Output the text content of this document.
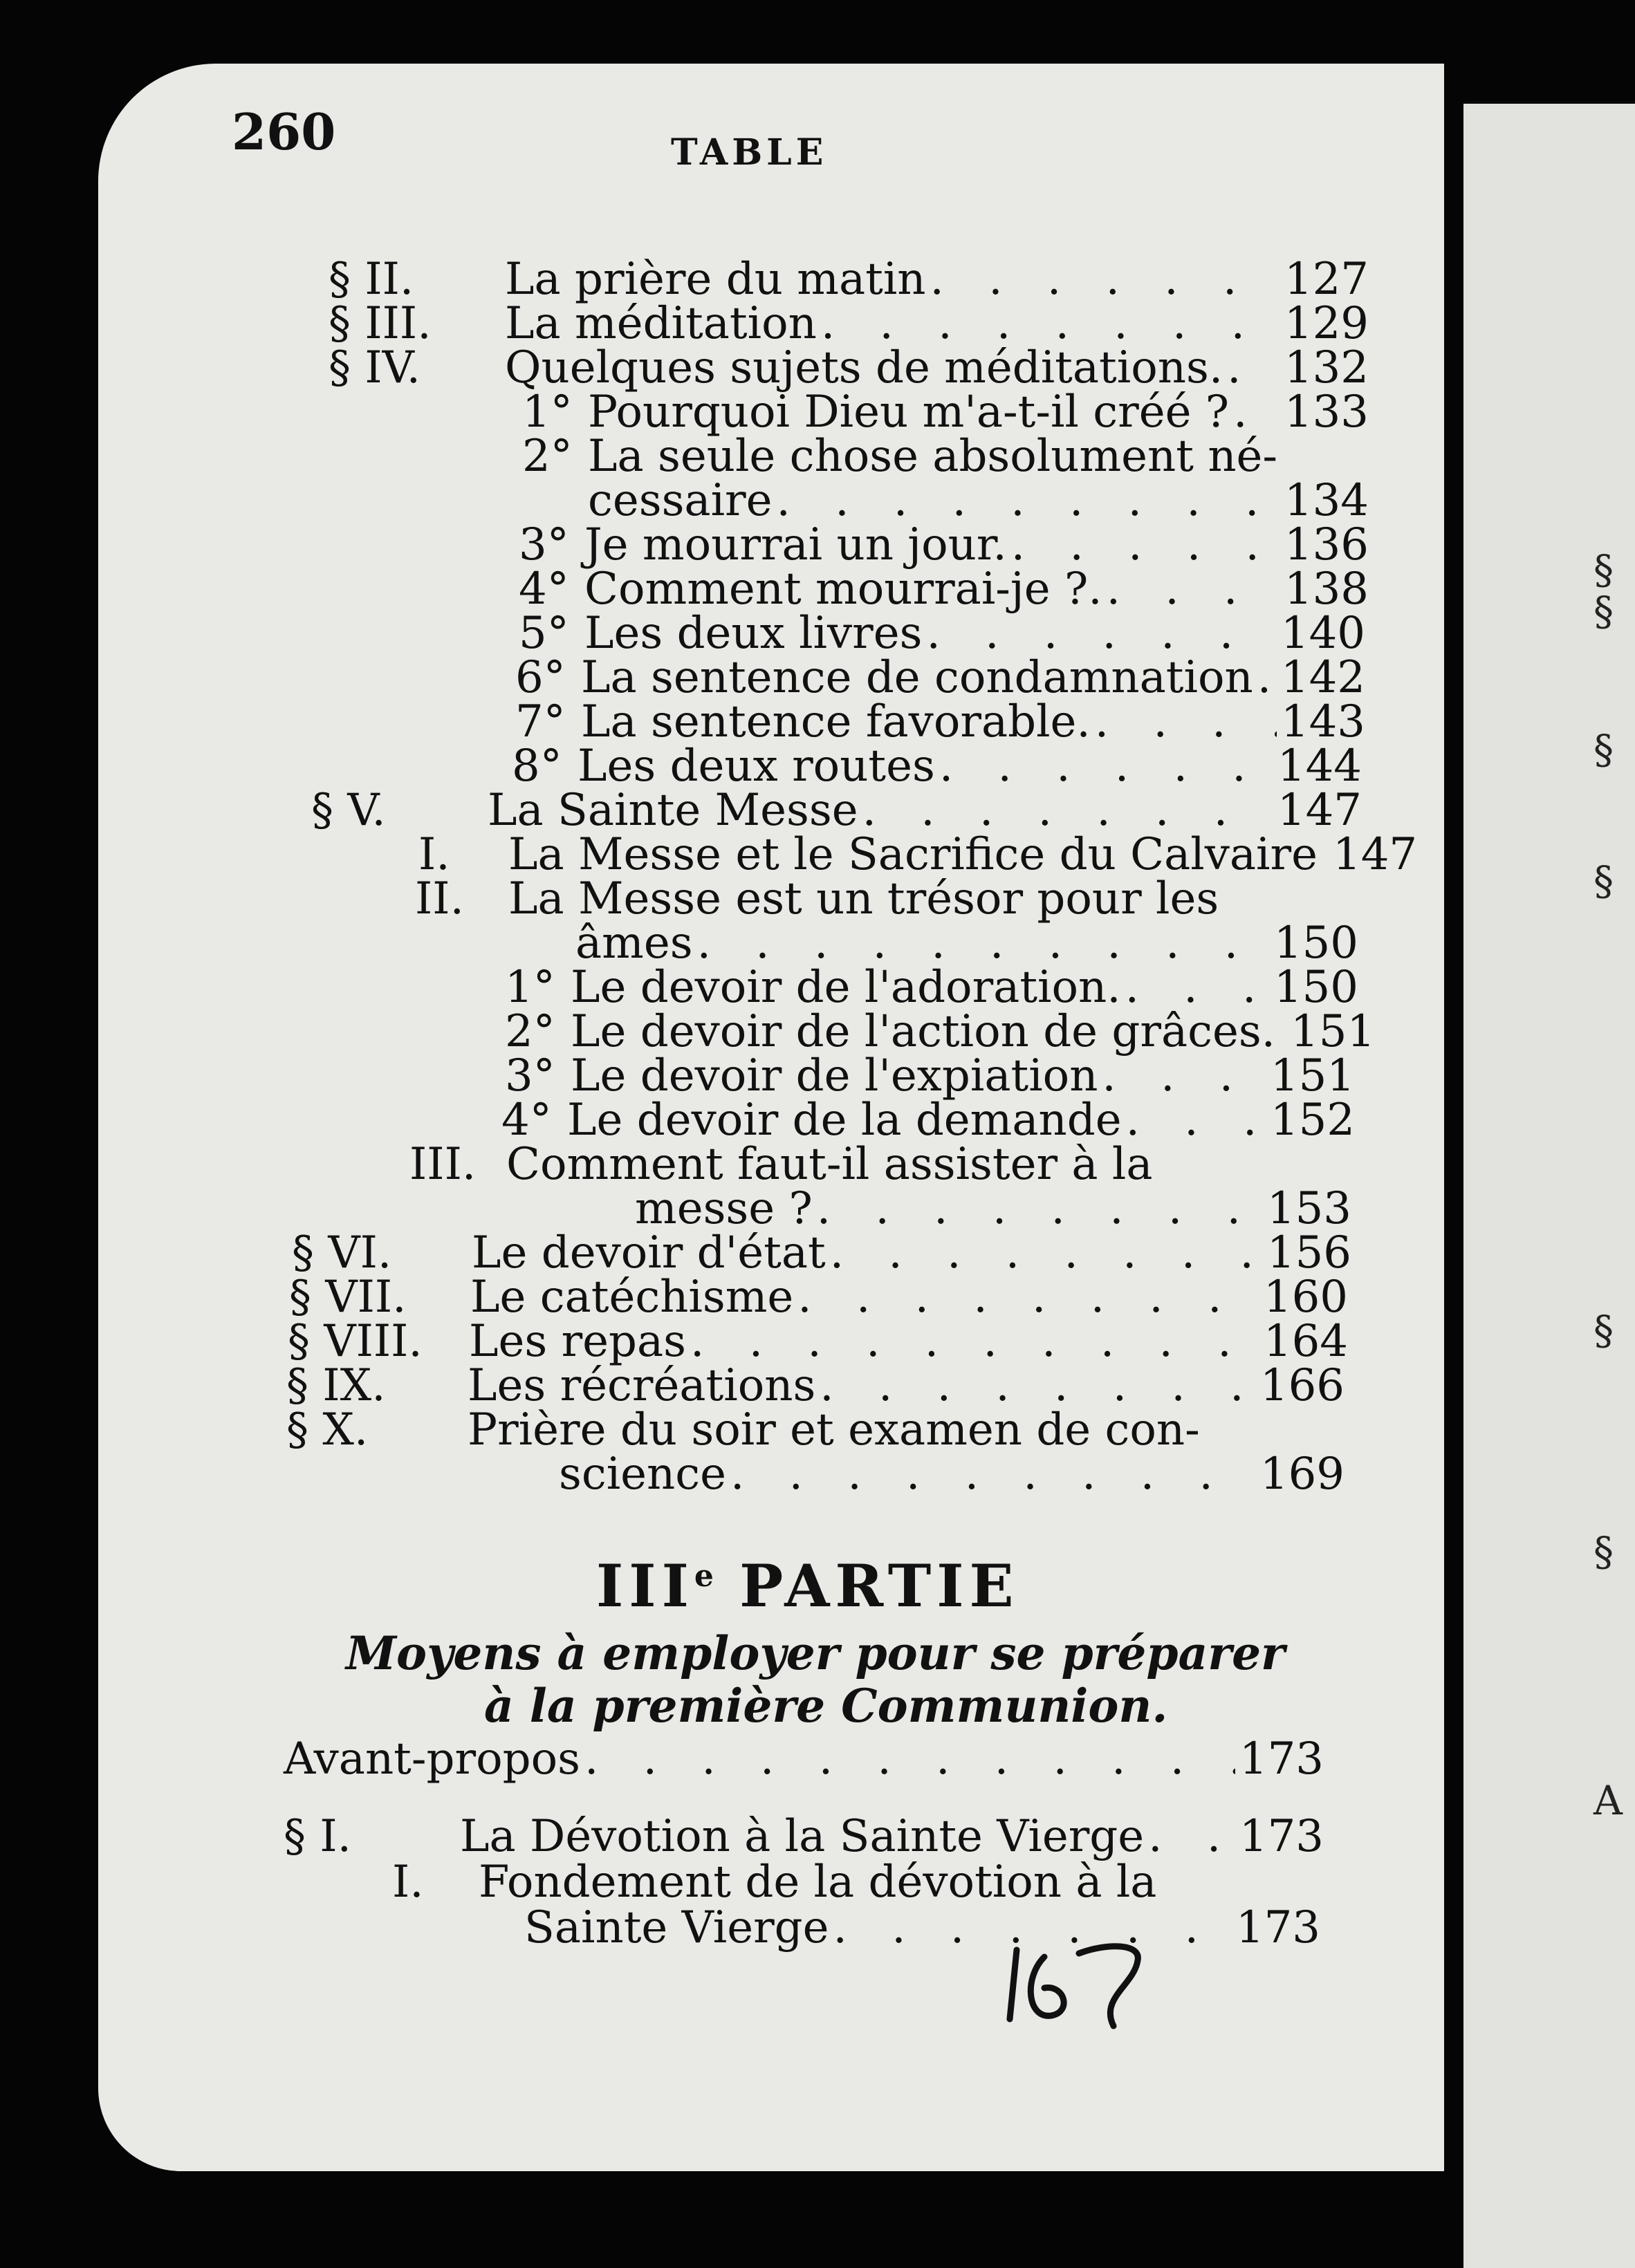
§
§
§
§
§
§
A
260	TABLE
§ II. La prière du matin . . .	127
§ III. La méditation . . .	129
§ IV. Quelques sujets de méditations. . . . 132
1° Pourquoi Dieu m'a-t-il créé ? . . . 133
2° La seule chose absolument né-
cessaire . . .	134
3° Je mourrai un jour. . . .	136
4° Comment mourrai-je ?. . . .	138
5° Les deux livres . . .	140
6° La sentence de condamnation . . . 142
7° La sentence favorable. . . .	143
8° Les deux routes . . .	144
§ V. La Sainte Messe . . .	147
I. La Messe et le Sacrifice du Calvaire 147
II. La Messe est un trésor pour les
âmes . . .	150
1° Le devoir de l'adoration. . . .	150
2° Le devoir de l'action de grâces. 151
3° Le devoir de l'expiation . . .	151
4° Le devoir de la demande . . .	152
III. Comment faut-il assister à la
messe ? . . .	153
§ VI. Le devoir d'état . . .	156
§ VII. Le catéchisme . . .	160
§ VIII. Les repas . . .	164
§ IX. Les récréations . . .	166
§ X. Prière du soir et examen de con-
science . . .	169
IIIe PARTIE
Moyens à employer pour se préparer
à la première Communion.
Avant-propos . . .	173
§ I. La Dévotion à la Sainte Vierge . . . 173
I. Fondement de la dévotion à la
Sainte Vierge . . .	173
